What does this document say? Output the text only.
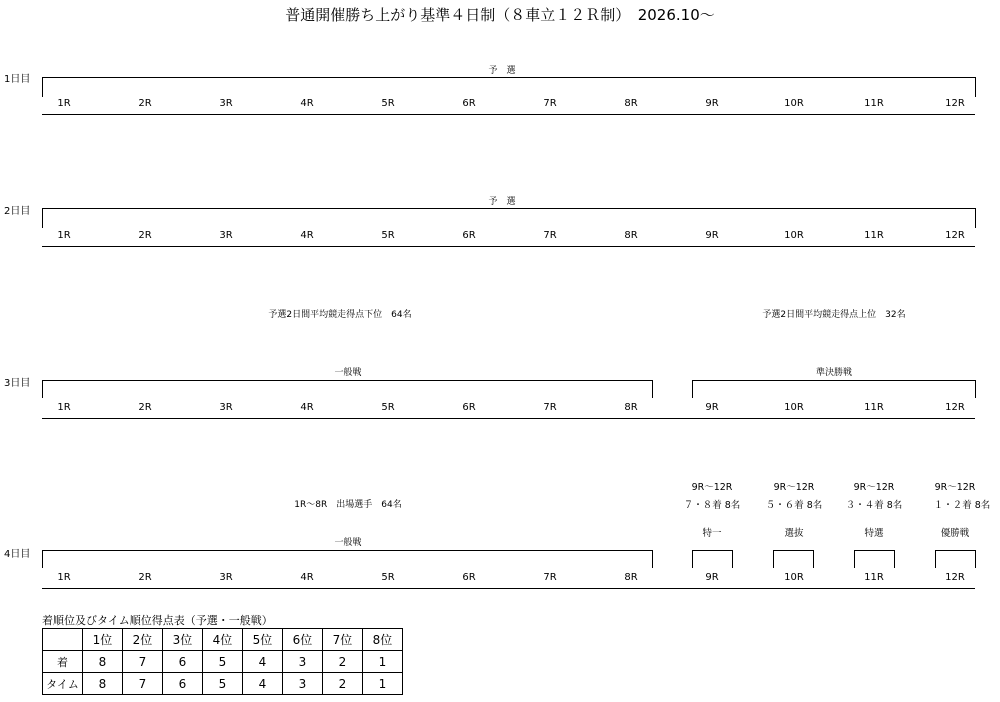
普通開催勝ち上がり基準４日制（８車立１２Ｒ制）　2026.10～
1日目
予　選
1R	2R	3R	4R	5R	6R	7R	8R	9R	10R	11R	12R
2日目
予　選
1R	2R	3R	4R	5R	6R	7R	8R	9R	10R	11R	12R
予選2日間平均競走得点下位　64名	予選2日間平均競走得点上位　32名
3日目
一般戦	準決勝戦
1R	2R	3R	4R	5R	6R	7R	8R	9R	10R	11R	12R
1R～8R　出場選手　64名
9R～12R
７・８着 8名
特一
9R～12R
５・６着 8名
選抜
9R～12R
３・４着 8名
特選
9R～12R
１・２着 8名
優勝戦
4日目
一般戦
1R	2R	3R	4R	5R	6R	7R	8R	9R	10R	11R	12R
着順位及びタイム順位得点表（予選・一般戦）
	1位	2位	3位	4位	5位	6位	7位	8位
着	8	7	6	5	4	3	2	1
タイム	8	7	6	5	4	3	2	1
